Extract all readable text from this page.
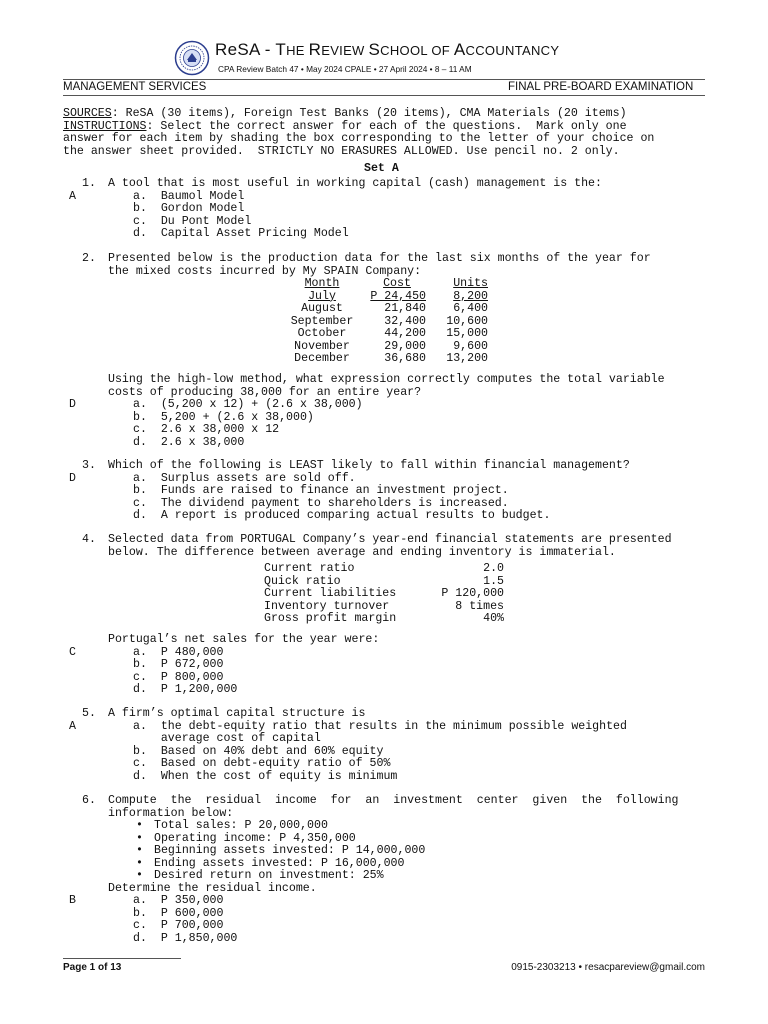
ReSA - THE REVIEW SCHOOL OF ACCOUNTANCY
CPA Review Batch 47 • May 2024 CPALE • 27 April 2024 • 8 – 11 AM
MANAGEMENT SERVICES	FINAL PRE-BOARD EXAMINATION
SOURCES: ReSA (30 items), Foreign Test Banks (20 items), CMA Materials (20 items)
INSTRUCTIONS: Select the correct answer for each of the questions.  Mark only one
answer for each item by shading the box corresponding to the letter of your choice on
the answer sheet provided.  STRICTLY NO ERASURES ALLOWED. Use pencil no. 2 only.
Set A
1. A tool that is most useful in working capital (cash) management is the:
A	a.  Baumol Model
b.  Gordon Model
c.  Du Pont Model
d.  Capital Asset Pricing Model
2. Presented below is the production data for the last six months of the year for
the mixed costs incurred by My SPAIN Company:
Month	Cost	Units
July	P 24,450	8,200
August	21,840	6,400
September	32,400	10,600
October	44,200	15,000
November	29,000	9,600
December	36,680	13,200
Using the high-low method, what expression correctly computes the total variable
costs of producing 38,000 for an entire year?
D	a.  (5,200 x 12) + (2.6 x 38,000)
b.  5,200 + (2.6 x 38,000)
c.  2.6 x 38,000 x 12
d.  2.6 x 38,000
3. Which of the following is LEAST likely to fall within financial management?
D	a.  Surplus assets are sold off.
b.  Funds are raised to finance an investment project.
c.  The dividend payment to shareholders is increased.
d.  A report is produced comparing actual results to budget.
4. Selected data from PORTUGAL Company’s year-end financial statements are presented
below. The difference between average and ending inventory is immaterial.
Current ratio	2.0
Quick ratio	1.5
Current liabilities	P 120,000
Inventory turnover	8 times
Gross profit margin	40%
Portugal’s net sales for the year were:
C	a.  P 480,000
b.  P 672,000
c.  P 800,000
d.  P 1,200,000
5. A firm’s optimal capital structure is
A	a.  the debt-equity ratio that results in the minimum possible weighted
average cost of capital
b.  Based on 40% debt and 60% equity
c.  Based on debt-equity ratio of 50%
d.  When the cost of equity is minimum
6. Compute  the  residual  income  for  an  investment  center  given  the  following
information below:
• Total sales: P 20,000,000
• Operating income: P 4,350,000
• Beginning assets invested: P 14,000,000
• Ending assets invested: P 16,000,000
• Desired return on investment: 25%
Determine the residual income.
B	a.  P 350,000
b.  P 600,000
c.  P 700,000
d.  P 1,850,000
Page 1 of 13	0915-2303213 • resacpareview@gmail.com
